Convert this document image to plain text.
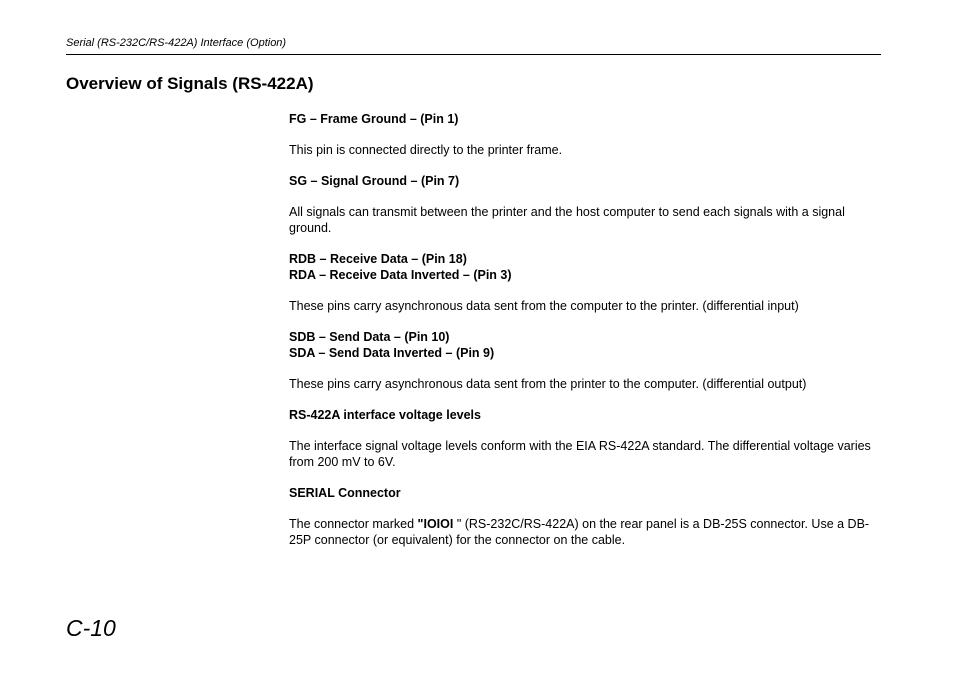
Serial (RS-232C/RS-422A) Interface (Option)
Overview of Signals (RS-422A)
FG – Frame Ground – (Pin 1)

This pin is connected directly to the printer frame.

SG – Signal Ground – (Pin 7)

All signals can transmit between the printer and the host computer to send each signals with a signal ground.

RDB – Receive Data – (Pin 18)
RDA – Receive Data Inverted – (Pin 3)

These pins carry asynchronous data sent from the computer to the printer. (differential input)

SDB – Send Data – (Pin 10)
SDA – Send Data Inverted – (Pin 9)

These pins carry asynchronous data sent from the printer to the computer. (differential output)

RS-422A interface voltage levels

The interface signal voltage levels conform with the EIA RS-422A standard. The differential voltage varies from 200 mV to 6V.

SERIAL Connector

The connector marked "IOIOI " (RS-232C/RS-422A) on the rear panel is a DB-25S connector. Use a DB-25P connector (or equivalent) for the connector on the cable.

C-10
